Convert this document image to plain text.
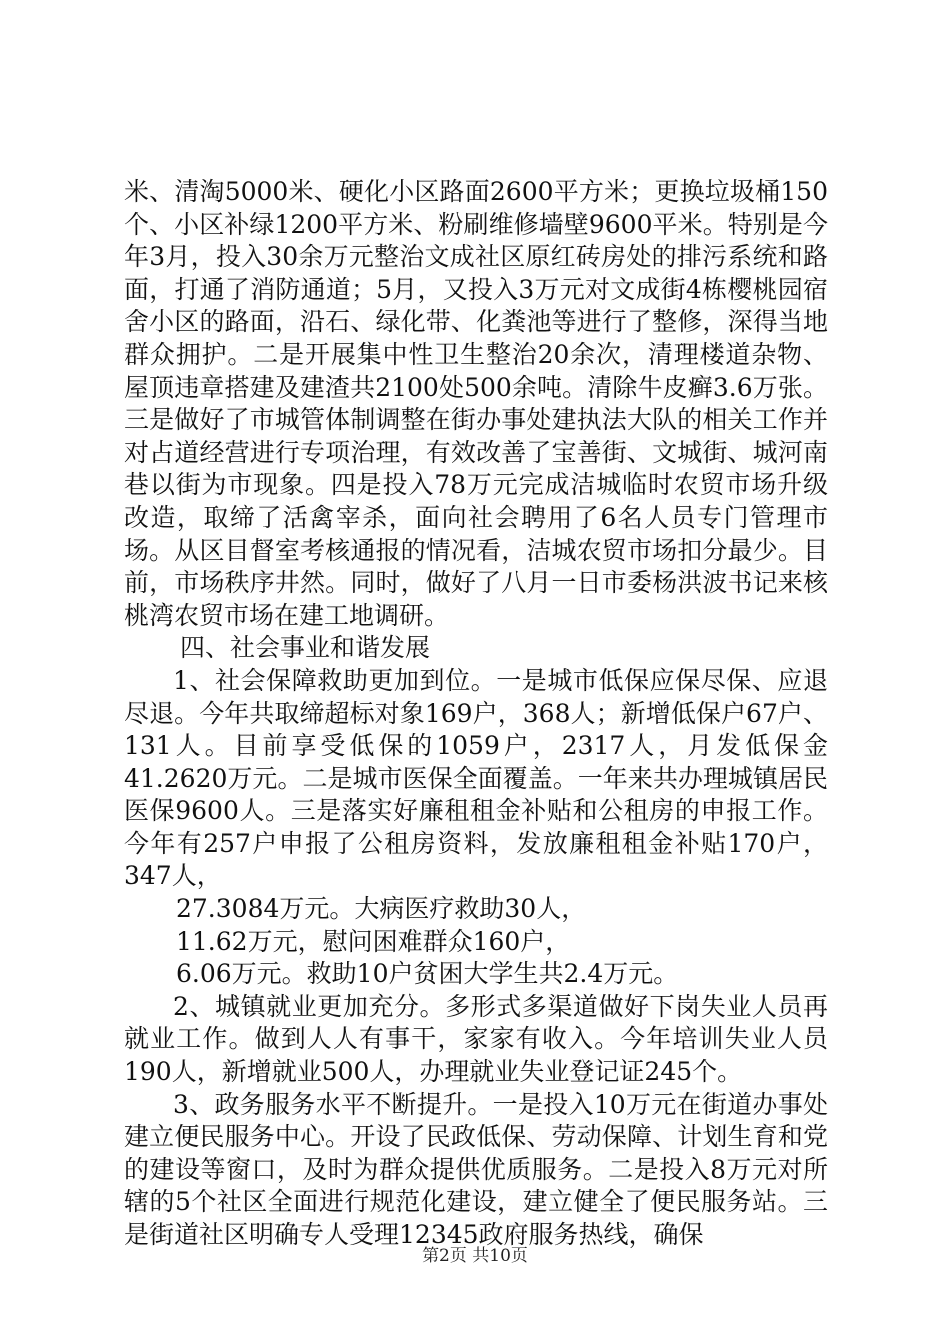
米、清淘5000米、硬化小区路面2600平方米；更换垃圾桶150个、小区补绿1200平方米、粉刷维修墙壁9600平米。特别是今年3月，投入30余万元整治文成社区原红砖房处的排污系统和路面，打通了消防通道；5月，又投入3万元对文成街4栋樱桃园宿舍小区的路面，沿石、绿化带、化粪池等进行了整修，深得当地群众拥护。二是开展集中性卫生整治20余次，清理楼道杂物、屋顶违章搭建及建渣共2100处500余吨。清除牛皮癣3.6万张。三是做好了市城管体制调整在街办事处建执法大队的相关工作并对占道经营进行专项治理，有效改善了宝善街、文城街、城河南巷以街为市现象。四是投入78万元完成洁城临时农贸市场升级改造，取缔了活禽宰杀，面向社会聘用了6名人员专门管理市场。从区目督室考核通报的情况看，洁城农贸市场扣分最少。目前，市场秩序井然。同时，做好了八月一日市委杨洪波书记来核桃湾农贸市场在建工地调研。

四、社会事业和谐发展

1、社会保障救助更加到位。一是城市低保应保尽保、应退尽退。今年共取缔超标对象169户，368人；新增低保户67户、131人。目前享受低保的1059户，2317人，月发低保金41.2620万元。二是城市医保全面覆盖。一年来共办理城镇居民医保9600人。三是落实好廉租租金补贴和公租房的申报工作。今年有257户申报了公租房资料，发放廉租租金补贴170户，347人，

27.3084万元。大病医疗救助30人，

11.62万元，慰问困难群众160户，

6.06万元。救助10户贫困大学生共2.4万元。

2、城镇就业更加充分。多形式多渠道做好下岗失业人员再就业工作。做到人人有事干，家家有收入。今年培训失业人员190人，新增就业500人，办理就业失业登记证245个。

3、政务服务水平不断提升。一是投入10万元在街道办事处建立便民服务中心。开设了民政低保、劳动保障、计划生育和党的建设等窗口，及时为群众提供优质服务。二是投入8万元对所辖的5个社区全面进行规范化建设，建立健全了便民服务站。三是街道社区明确专人受理12345政府服务热线，确保

第2页 共10页
